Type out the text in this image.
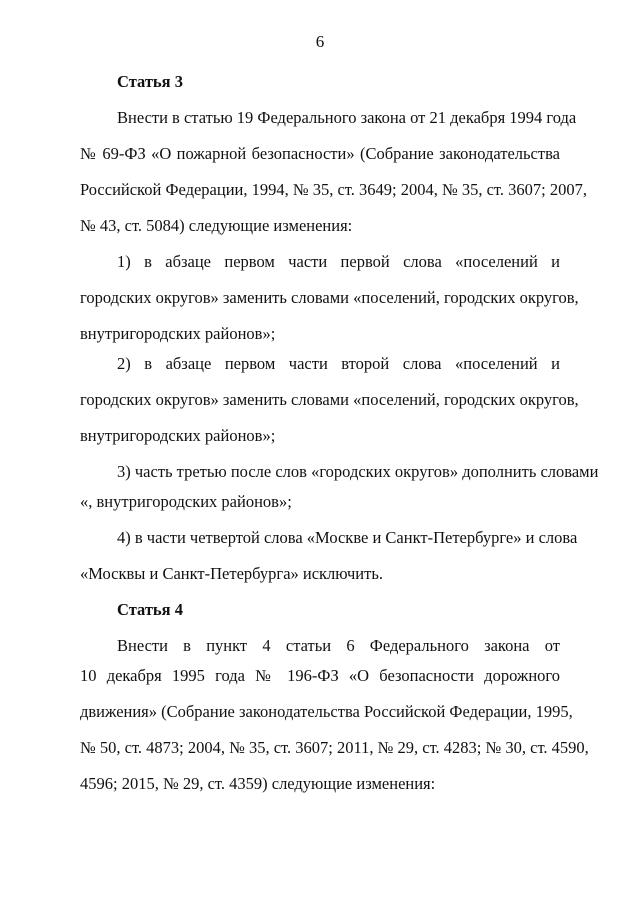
6
Статья 3
Внести в статью 19 Федерального закона от 21 декабря 1994 года
№ 69-ФЗ «О пожарной безопасности» (Собрание законодательства
Российской Федерации, 1994, № 35, ст. 3649; 2004, № 35, ст. 3607; 2007,
№ 43, ст. 5084) следующие изменения:
1) в абзаце первом части первой слова «поселений и
городских округов» заменить словами «поселений, городских округов,
внутригородских районов»;
2) в абзаце первом части второй слова «поселений и
городских округов» заменить словами «поселений, городских округов,
внутригородских районов»;
3) часть третью после слов «городских округов» дополнить словами
«, внутригородских районов»;
4) в части четвертой слова «Москве и Санкт-Петербурге» и слова
«Москвы и Санкт-Петербурга» исключить.
Статья 4
Внести в пункт 4 статьи 6 Федерального закона от
10 декабря 1995 года № 196-ФЗ «О безопасности дорожного
движения» (Собрание законодательства Российской Федерации, 1995,
№ 50, ст. 4873; 2004, № 35, ст. 3607; 2011, № 29, ст. 4283; № 30, ст. 4590,
4596; 2015, № 29, ст. 4359) следующие изменения:
